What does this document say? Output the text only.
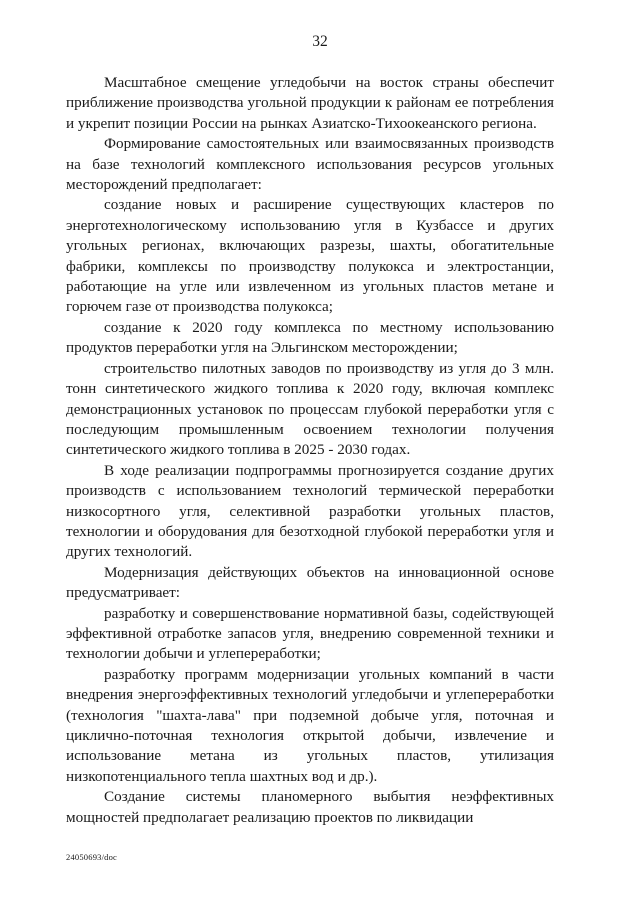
32

Масштабное смещение угледобычи на восток страны обеспечит приближение производства угольной продукции к районам ее потребления и укрепит позиции России на рынках Азиатско-Тихоокеанского региона.

Формирование самостоятельных или взаимосвязанных производств на базе технологий комплексного использования ресурсов угольных месторождений предполагает:

создание новых и расширение существующих кластеров по энерготехнологическому использованию угля в Кузбассе и других угольных регионах, включающих разрезы, шахты, обогатительные фабрики, комплексы по производству полукокса и электростанции, работающие на угле или извлеченном из угольных пластов метане и горючем газе от производства полукокса;

создание к 2020 году комплекса по местному использованию продуктов переработки угля на Эльгинском месторождении;

строительство пилотных заводов по производству из угля до 3 млн. тонн синтетического жидкого топлива к 2020 году, включая комплекс демонстрационных установок по процессам глубокой переработки угля с последующим промышленным освоением технологии получения синтетического жидкого топлива в 2025 - 2030 годах.

В ходе реализации подпрограммы прогнозируется создание других производств с использованием технологий термической переработки низкосортного угля, селективной разработки угольных пластов, технологии и оборудования для безотходной глубокой переработки угля и других технологий.

Модернизация действующих объектов на инновационной основе предусматривает:

разработку и совершенствование нормативной базы, содействующей эффективной отработке запасов угля, внедрению современной техники и технологии добычи и углепереработки;

разработку программ модернизации угольных компаний в части внедрения энергоэффективных технологий угледобычи и углепереработки (технология "шахта-лава" при подземной добыче угля, поточная и циклично-поточная технология открытой добычи, извлечение и использование метана из угольных пластов, утилизация низкопотенциального тепла шахтных вод и др.).

Создание системы планомерного выбытия неэффективных мощностей предполагает реализацию проектов по ликвидации

24050693/doc
